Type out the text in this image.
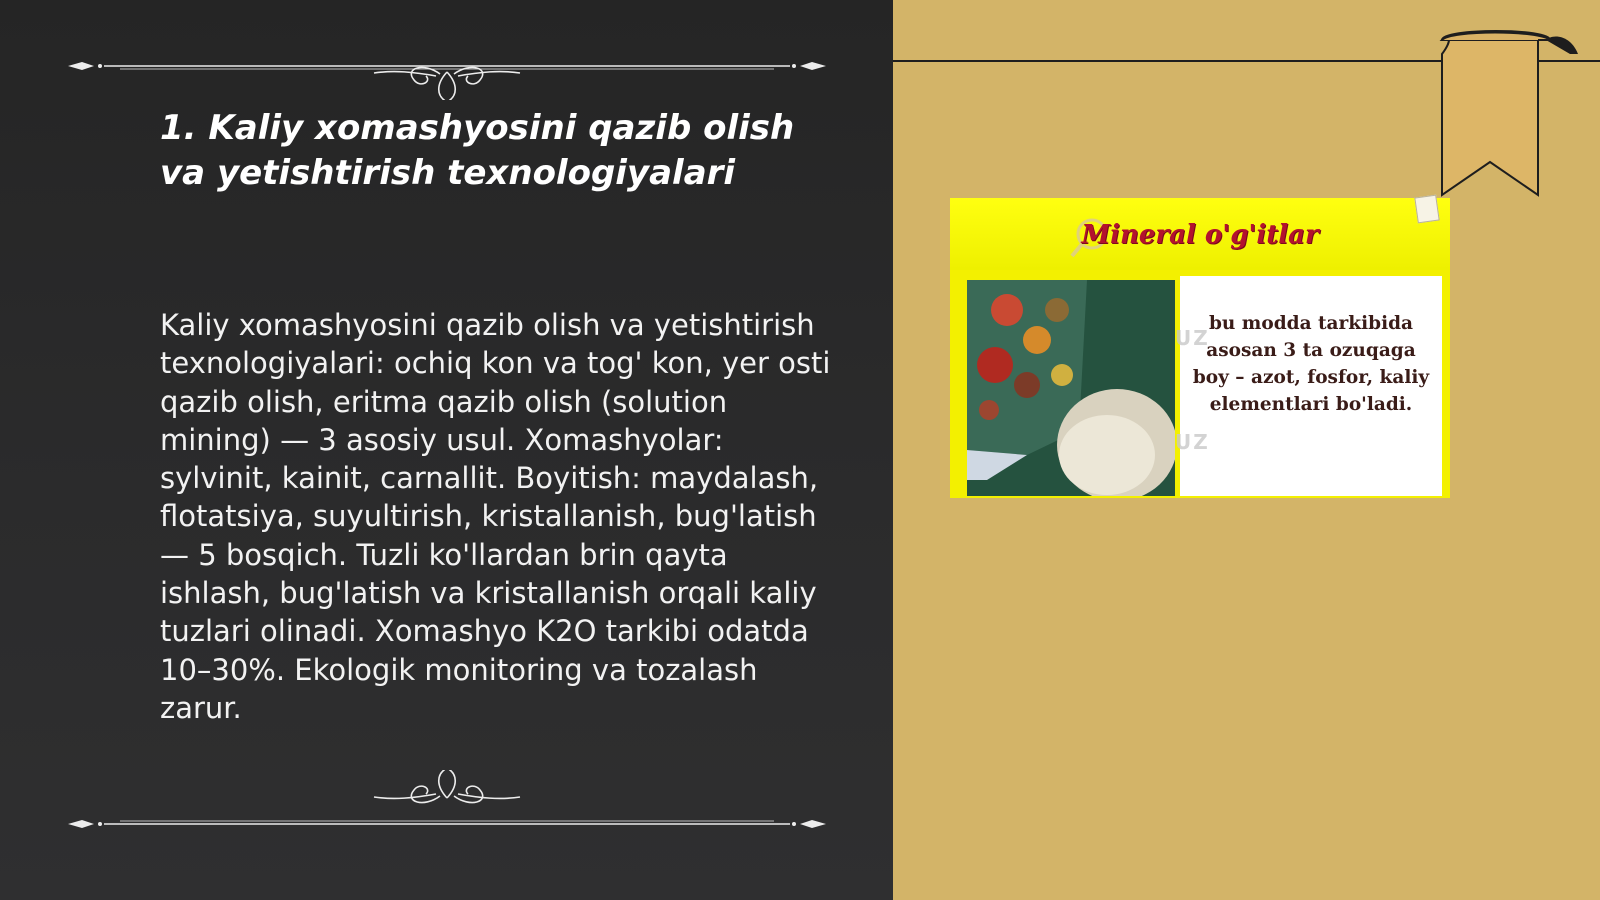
1. Kaliy xomashyosini qazib olish va yetishtirish texnologiyalari

Kaliy xomashyosini qazib olish va yetishtirish texnologiyalari: ochiq kon va tog' kon, yer osti qazib olish, eritma qazib olish (solution mining) — 3 asosiy usul. Xomashyolar: sylvinit, kainit, carnallit. Boyitish: maydalash, flotatsiya, suyultirish, kristallanish, bug'latish — 5 bosqich. Tuzli ko'llardan brin qayta ishlash, bug'latish va kristallanish orqali kaliy tuzlari olinadi. Xomashyo K2O tarkibi odatda 10–30%. Ekologik monitoring va tozalash zarur.

Mineral o'g'itlar

bu modda tarkibida
asosan 3 ta ozuqaga
boy – azot, fosfor, kaliy
elementlari bo'ladi.

UZ
UZ
